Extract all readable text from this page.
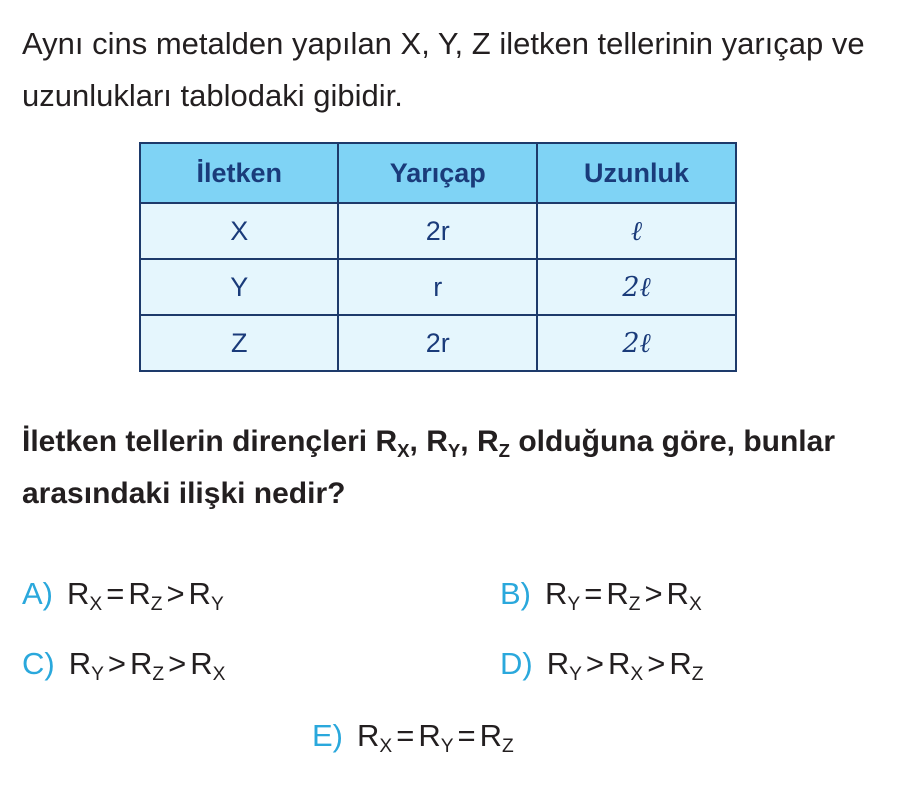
Aynı cins metalden yapılan X, Y, Z iletken tellerinin yarıçap ve uzunlukları tablodaki gibidir.

İletken	Yarıçap	Uzunluk
X	2r	ℓ
Y	r	2ℓ
Z	2r	2ℓ

İletken tellerin dirençleri $R_X$, $R_Y$, $R_Z$ olduğuna göre, bunlar arasındaki ilişki nedir?

A) $R_X = R_Z > R_Y$	B) $R_Y = R_Z > R_X$
C) $R_Y > R_Z > R_X$	D) $R_Y > R_X > R_Z$
E) $R_X = R_Y = R_Z$
